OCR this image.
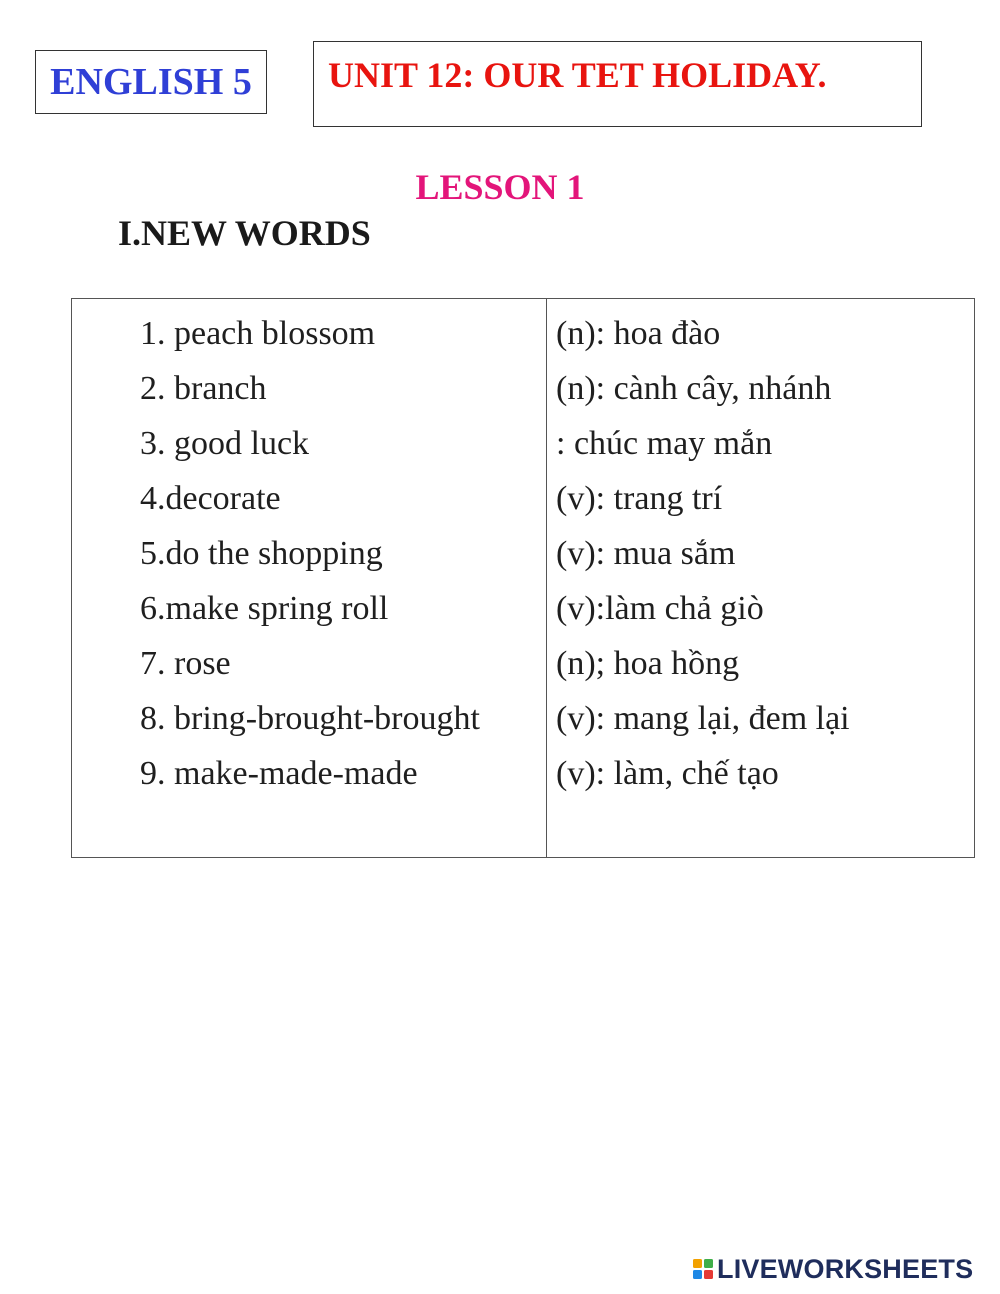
ENGLISH 5	UNIT 12: OUR TET HOLIDAY.
LESSON 1
I.NEW WORDS
1. peach blossom
2. branch
3. good luck
4.decorate
5.do the shopping
6.make spring roll
7. rose
8. bring-brought-brought
9. make-made-made
(n): hoa đào
(n): cành cây, nhánh
: chúc may mắn
(v): trang trí
(v): mua sắm
(v):làm chả giò
(n); hoa hồng
(v): mang lại, đem lại
(v): làm, chế tạo
LIVEWORKSHEETS
